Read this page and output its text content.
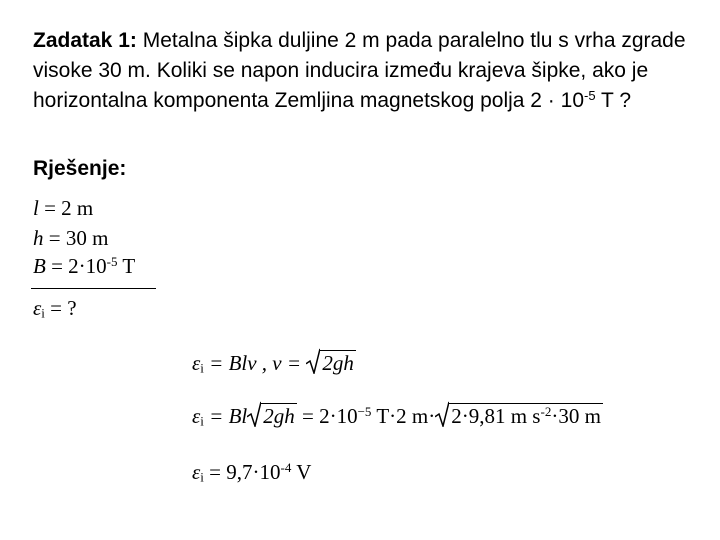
Zadatak 1: Metalna šipka duljine 2 m pada paralelno tlu s vrha zgrade visoke 30 m. Koliki se napon inducira između krajeva šipke, ako je horizontalna komponenta Zemljina magnetskog polja $2 \cdot 10^{-5}$ T ?
Rješenje:
l = 2 m
h = 30 m
$B = 2\cdot 10^{-5}$ T
$\varepsilon_i$ = ?
$\varepsilon_i$ = Blv , v =
2gh
$\varepsilon_i = Bl$ $2gh = 2\cdot 10^{-5}$ T·2 m· 2·9,81 m $s^{-2}\cdot 30$ m
$\varepsilon_i = 9,7\cdot 10^{-4}$ V
